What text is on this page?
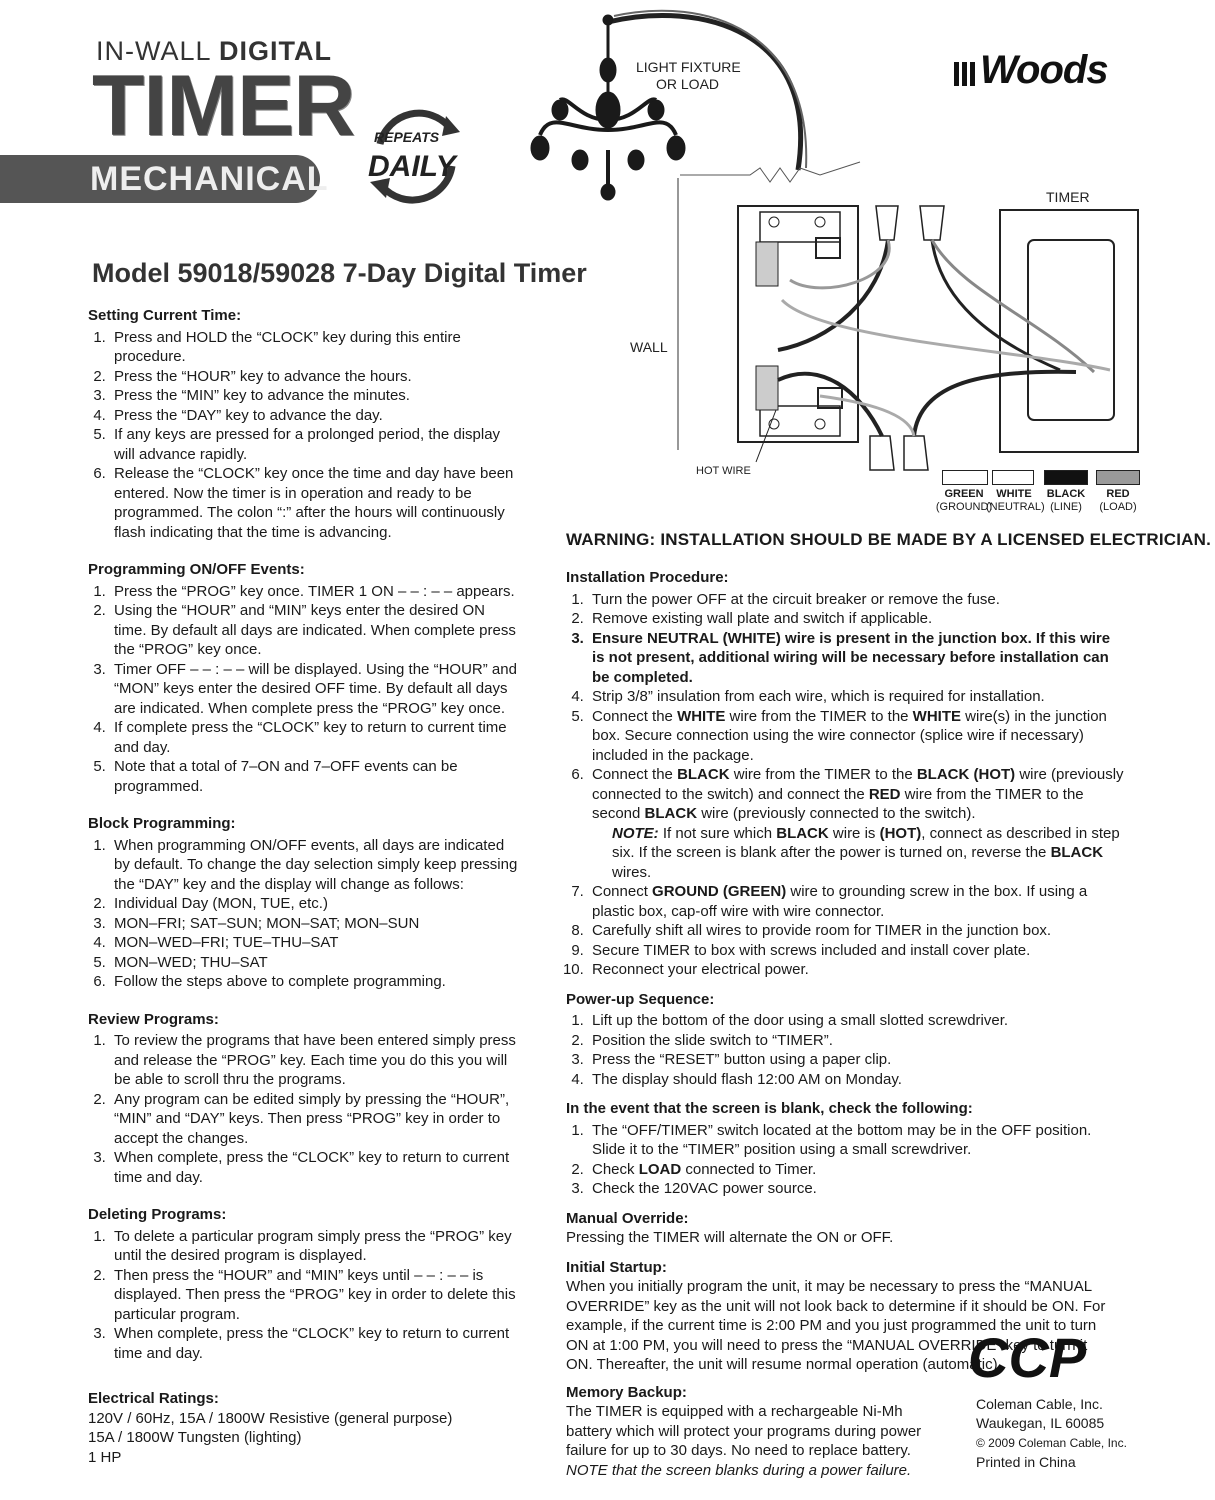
IN-WALL DIGITAL
TIMER
MECHANICAL
REPEATS
DAILY
Woods
Model 59018/59028 7-Day Digital Timer
LIGHT FIXTURE
OR LOAD
WALL
TIMER
HOT WIRE
GREEN
(GROUND)
WHITE
(NEUTRAL)
BLACK
(LINE)
RED
(LOAD)

Setting Current Time:

1. Press and HOLD the “CLOCK” key during this entire procedure.
2. Press the “HOUR” key to advance the hours.
3. Press the “MIN” key to advance the minutes.
4. Press the “DAY” key to advance the day.
5. If any keys are pressed for a prolonged period, the display will advance rapidly.
6. Release the “CLOCK” key once the time and day have been entered. Now the timer is in operation and ready to be programmed. The colon “:” after the hours will continuously flash indicating that the time is advancing.

Programming ON/OFF Events:

1. Press the “PROG” key once. TIMER 1 ON – – : – – appears.
2. Using the “HOUR” and “MIN” keys enter the desired ON time. By default all days are indicated. When complete press the “PROG” key once.
3. Timer OFF – – : – – will be displayed. Using the “HOUR” and “MON” keys enter the desired OFF time. By default all days are indicated. When complete press the “PROG” key once.
4. If complete press the “CLOCK” key to return to current time and day.
5. Note that a total of 7–ON and 7–OFF events can be programmed.

Block Programming:

1. When programming ON/OFF events, all days are indicated by default. To change the day selection simply keep pressing the “DAY” key and the display will change as follows:
2. Individual Day (MON, TUE, etc.)
3. MON–FRI; SAT–SUN; MON–SAT; MON–SUN
4. MON–WED–FRI; TUE–THU–SAT
5. MON–WED; THU–SAT
6. Follow the steps above to complete programming.

Review Programs:

1. To review the programs that have been entered simply press and release the “PROG” key. Each time you do this you will be able to scroll thru the programs.
2. Any program can be edited simply by pressing the “HOUR”, “MIN” and “DAY” keys. Then press “PROG” key in order to accept the changes.
3. When complete, press the “CLOCK” key to return to current time and day.

Deleting Programs:

1. To delete a particular program simply press the “PROG” key until the desired program is displayed.
2. Then press the “HOUR” and “MIN” keys until – – : – – is displayed. Then press the “PROG” key in order to delete this particular program.
3. When complete, press the “CLOCK” key to return to current time and day.

Electrical Ratings:

120V / 60Hz, 15A / 1800W Resistive (general purpose)
15A / 1800W Tungsten (lighting)
1 HP
WARNING: INSTALLATION SHOULD BE MADE BY A LICENSED ELECTRICIAN.

Installation Procedure:

1. Turn the power OFF at the circuit breaker or remove the fuse.
2. Remove existing wall plate and switch if applicable.
3. Ensure NEUTRAL (WHITE) wire is present in the junction box. If this wire is not present, additional wiring will be necessary before installation can be completed.
4. Strip 3/8” insulation from each wire, which is required for installation.
5. Connect the WHITE wire from the TIMER to the WHITE wire(s) in the junction box. Secure connection using the wire connector (splice wire if necessary) included in the package.
6. Connect the BLACK wire from the TIMER to the BLACK (HOT) wire (previously connected to the switch) and connect the RED wire from the TIMER to the second BLACK wire (previously connected to the switch).
NOTE: If not sure which BLACK wire is (HOT), connect as described in step six. If the screen is blank after the power is turned on, reverse the BLACK wires.
7. Connect GROUND (GREEN) wire to grounding screw in the box. If using a plastic box, cap-off wire with wire connector.
8. Carefully shift all wires to provide room for TIMER in the junction box.
9. Secure TIMER to box with screws included and install cover plate.
10. Reconnect your electrical power.

Power-up Sequence:

1. Lift up the bottom of the door using a small slotted screwdriver.
2. Position the slide switch to “TIMER”.
3. Press the “RESET” button using a paper clip.
4. The display should flash 12:00 AM on Monday.

In the event that the screen is blank, check the following:

1. The “OFF/TIMER” switch located at the bottom may be in the OFF position. Slide it to the “TIMER” position using a small screwdriver.
2. Check LOAD connected to Timer.
3. Check the 120VAC power source.

Manual Override:

Pressing the TIMER will alternate the ON or OFF.

Initial Startup:

When you initially program the unit, it may be necessary to press the “MANUAL OVERRIDE” key as the unit will not look back to determine if it should be ON. For example, if the current time is 2:00 PM and you just programmed the unit to turn ON at 1:00 PM, you will need to press the “MANUAL OVERRIDE” key to turn it ON. Thereafter, the unit will resume normal operation (automatic).

Memory Backup:

The TIMER is equipped with a rechargeable Ni-Mh battery which will protect your programs during power failure for up to 30 days. No need to replace battery. NOTE that the screen blanks during a power failure.
CCP
Coleman Cable, Inc.
Waukegan, IL 60085
© 2009 Coleman Cable, Inc.
Printed in China
